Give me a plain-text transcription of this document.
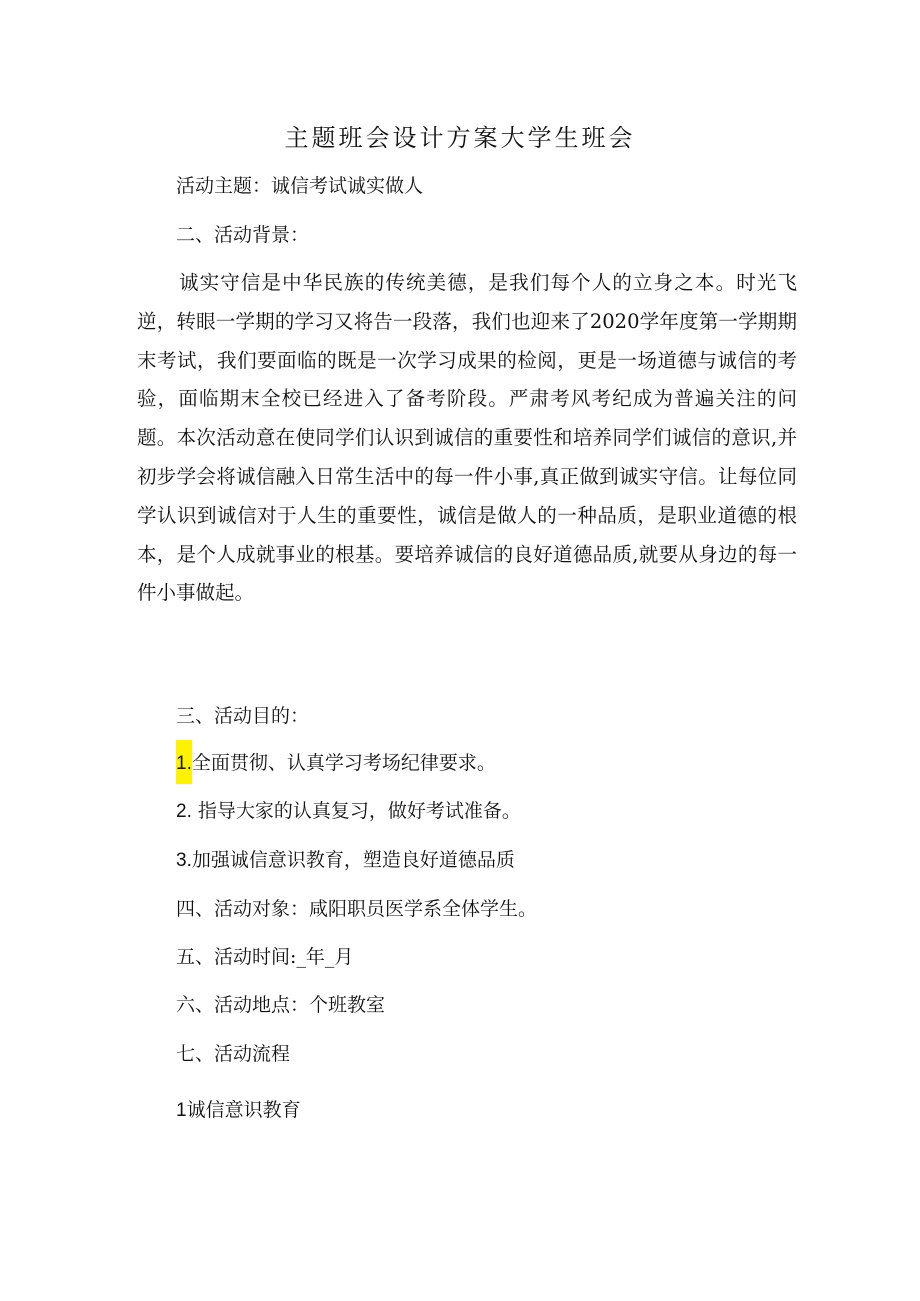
主题班会设计方案大学生班会
活动主题：诚信考试诚实做人
二、活动背景：
诚实守信是中华民族的传统美德，是我们每个人的立身之本。时光飞逆，转眼一学期的学习又将告一段落，我们也迎来了2020学年度第一学期期末考试，我们要面临的既是一次学习成果的检阅，更是一场道德与诚信的考验，面临期末全校已经进入了备考阶段。严肃考风考纪成为普遍关注的问题。本次活动意在使同学们认识到诚信的重要性和培养同学们诚信的意识,并初步学会将诚信融入日常生活中的每一件小事,真正做到诚实守信。让每位同学认识到诚信对于人生的重要性，诚信是做人的一种品质，是职业道德的根本，是个人成就事业的根基。要培养诚信的良好道德品质,就要从身边的每一件小事做起。
三、活动目的：
1.全面贯彻、认真学习考场纪律要求。
2. 指导大家的认真复习，做好考试准备。
3.加强诚信意识教育，塑造良好道德品质
四、活动对象：咸阳职员医学系全体学生。
五、活动时间:_年_月
六、活动地点：个班教室
七、活动流程
1诚信意识教育
